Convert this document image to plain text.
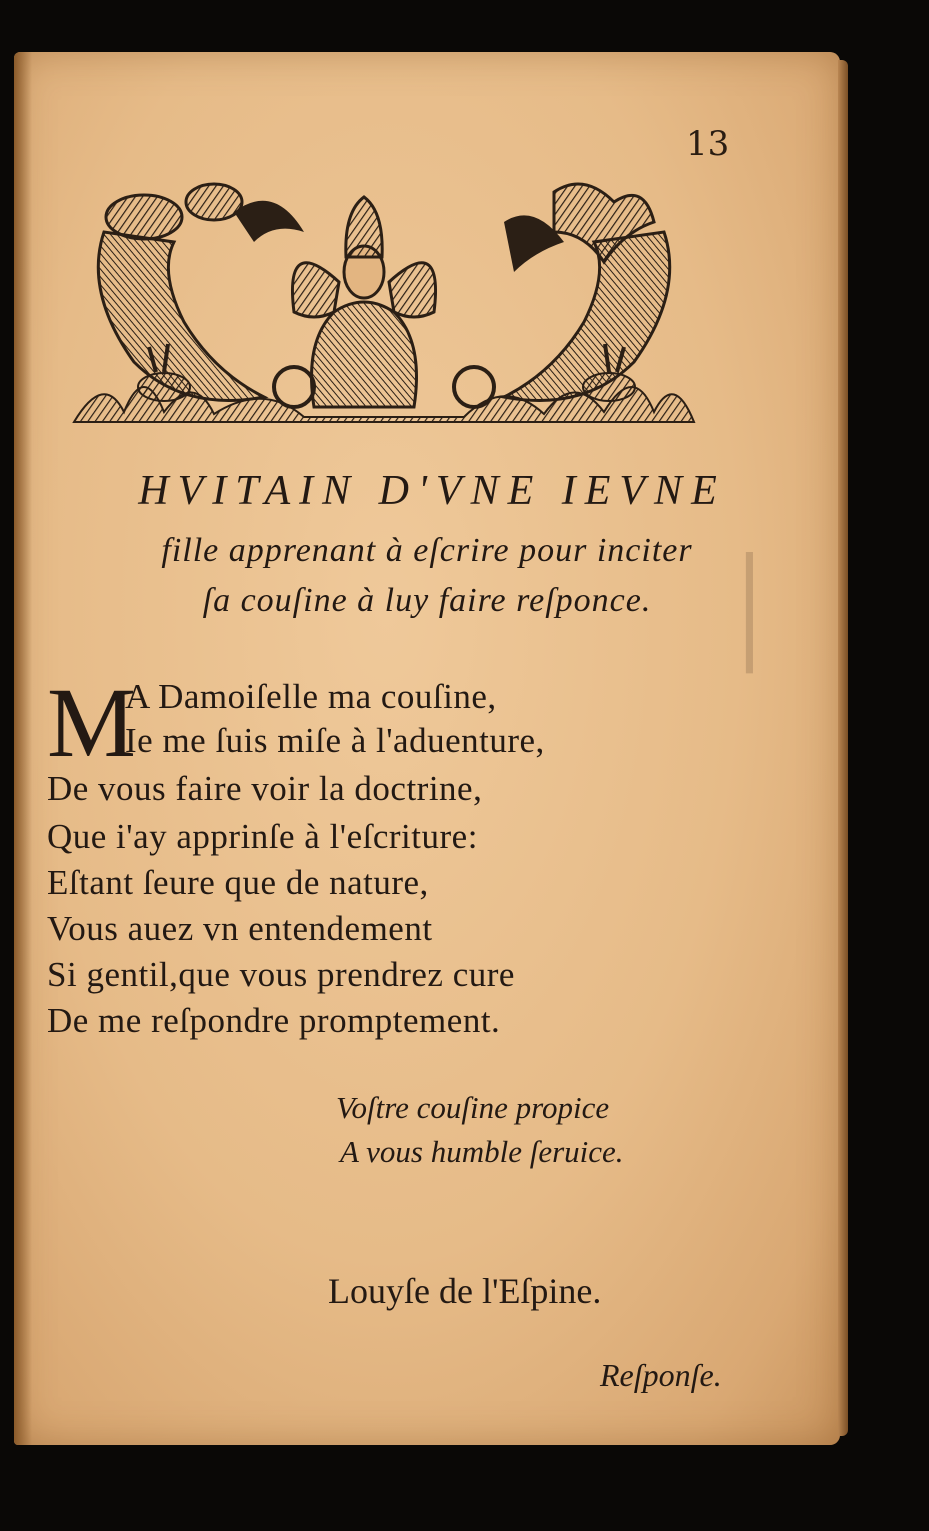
│
13
HVITAIN D'VNE IEVNE
fille apprenant à eſcrire pour inciter
ſa couſine à luy faire reſponce.
M
A Damoiſelle ma couſine,
Ie me ſuis miſe à l'aduenture,
De vous faire voir la doctrine,
Que i'ay apprinſe à l'eſcriture:
Eſtant ſeure que de nature,
Vous auez vn entendement
Si gentil,que vous prendrez cure
De me reſpondre promptement.
Voſtre couſine propice
A vous humble ſeruice.
Louyſe de l'Eſpine.
Reſponſe.
